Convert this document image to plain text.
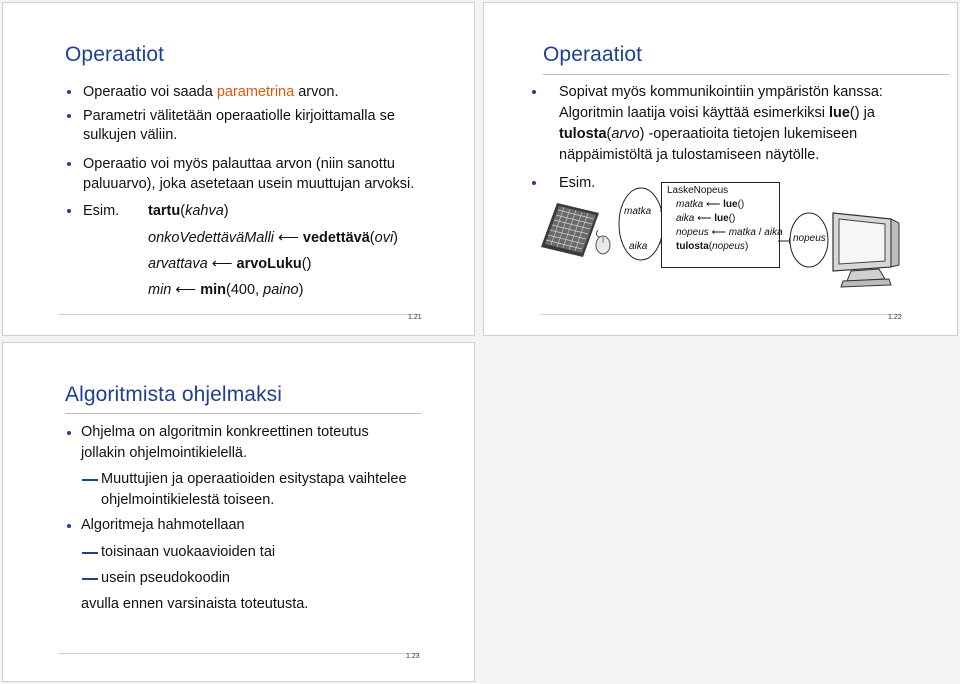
Operaatiot
Operaatio voi saada parametrina arvon.
Parametri välitetään operaatiolle kirjoittamalla se
sulkujen väliin.
Operaatio voi myös palauttaa arvon (niin sanottu
paluuarvo), joka asetetaan usein muuttujan arvoksi.
Esim. tartu(kahva)
onkoVedettäväMalli ⟵ vedettävä(ovi)
arvattava ⟵ arvoLuku()
min ⟵ min(400, paino)
1.21
Operaatiot
Sopivat myös kommunikointiin ympäristön kanssa:
Algoritmin laatija voisi käyttää esimerkiksi lue() ja
tulosta(arvo) -operaatioita tietojen lukemiseen
näppäimistöltä ja tulostamiseen näytölle.
Esim.
matka
aika
LaskeNopeus
matka ⟵ lue()
aika ⟵ lue()
nopeus ⟵ matka / aika
tulosta(nopeus)
nopeus
1.22
Algoritmista ohjelmaksi
Ohjelma on algoritmin konkreettinen toteutus
jollakin ohjelmointikielellä.
Muuttujien ja operaatioiden esitystapa vaihtelee
ohjelmointikielestä toiseen.
Algoritmeja hahmotellaan
toisinaan vuokaavioiden tai
usein pseudokoodin
avulla ennen varsinaista toteutusta.
1.23
